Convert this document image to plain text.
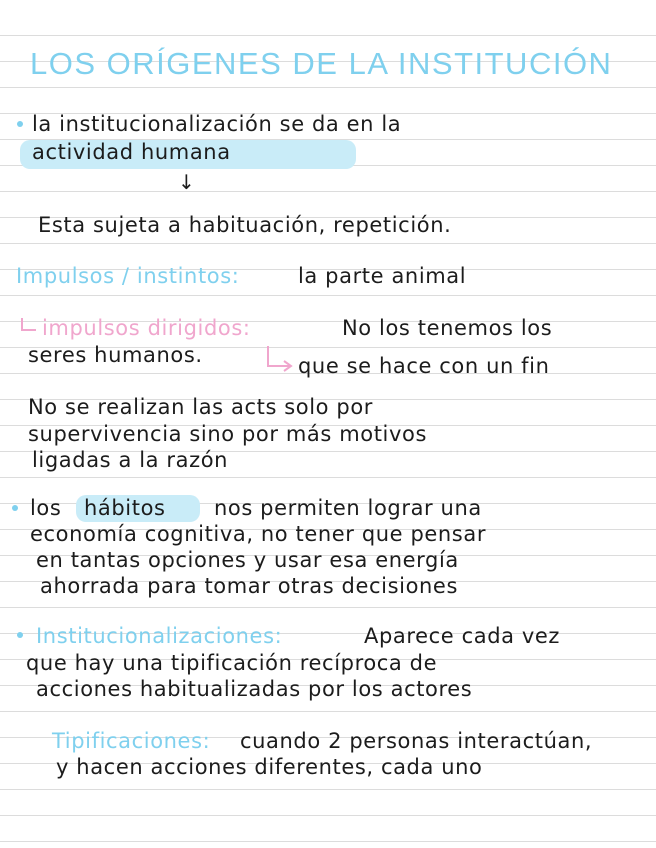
LOS ORÍGENES DE LA INSTITUCIÓN
la institucionalización se da en la
actividad humana
↓
Esta sujeta a habituación, repetición.
Impulsos / instintos:	la parte animal
impulsos dirigidos:	No los tenemos los
seres humanos.	que se hace con un fin
No se realizan las acts solo por
supervivencia sino por más motivos
ligadas a la razón
los hábitos nos permiten lograr una
economía cognitiva, no tener que pensar
en tantas opciones y usar esa energía
ahorrada para tomar otras decisiones
Institucionalizaciones:	Aparece cada vez
que hay una tipificación recíproca de
acciones habitualizadas por los actores
Tipificaciones: cuando 2 personas interactúan,
y hacen acciones diferentes, cada uno
